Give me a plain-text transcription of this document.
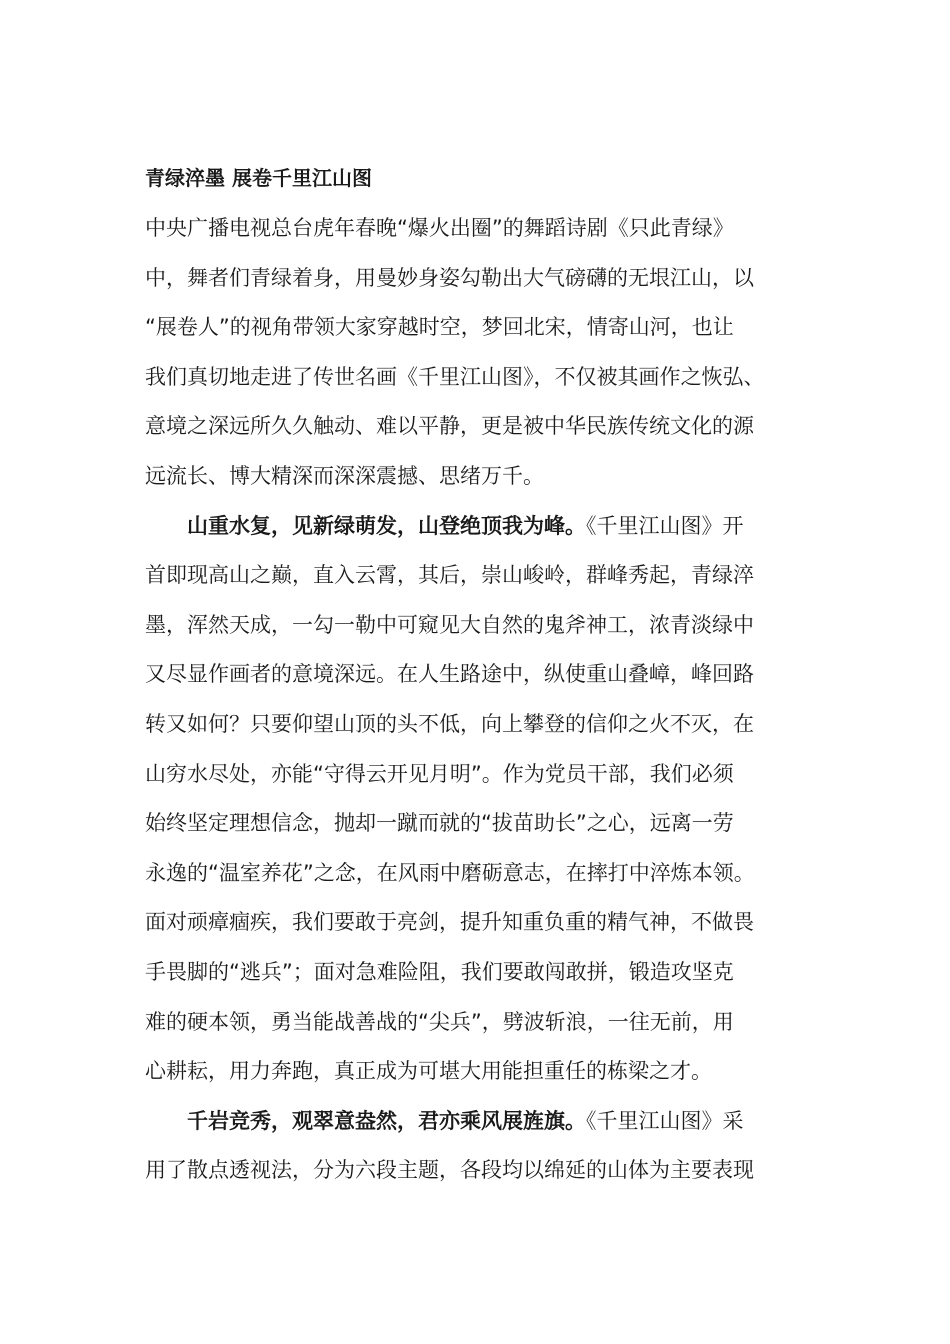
青绿淬墨 展卷千里江山图
中央广播电视总台虎年春晚“爆火出圈”的舞蹈诗剧《只此青绿》
中，舞者们青绿着身，用曼妙身姿勾勒出大气磅礴的无垠江山，以
“展卷人”的视角带领大家穿越时空，梦回北宋，情寄山河，也让
我们真切地走进了传世名画《千里江山图》，不仅被其画作之恢弘、
意境之深远所久久触动、难以平静，更是被中华民族传统文化的源
远流长、博大精深而深深震撼、思绪万千。
山重水复，见新绿萌发，山登绝顶我为峰。《千里江山图》开
首即现高山之巅，直入云霄，其后，崇山峻岭，群峰秀起，青绿淬
墨，浑然天成，一勾一勒中可窥见大自然的鬼斧神工，浓青淡绿中
又尽显作画者的意境深远。在人生路途中，纵使重山叠嶂，峰回路
转又如何？只要仰望山顶的头不低，向上攀登的信仰之火不灭，在
山穷水尽处，亦能“守得云开见月明”。作为党员干部，我们必须
始终坚定理想信念，抛却一蹴而就的“拔苗助长”之心，远离一劳
永逸的“温室养花”之念，在风雨中磨砺意志，在摔打中淬炼本领。
面对顽瘴痼疾，我们要敢于亮剑，提升知重负重的精气神，不做畏
手畏脚的“逃兵”；面对急难险阻，我们要敢闯敢拼，锻造攻坚克
难的硬本领，勇当能战善战的“尖兵”，劈波斩浪，一往无前，用
心耕耘，用力奔跑，真正成为可堪大用能担重任的栋梁之才。
千岩竞秀，观翠意盎然，君亦乘风展旌旗。《千里江山图》采
用了散点透视法，分为六段主题，各段均以绵延的山体为主要表现
